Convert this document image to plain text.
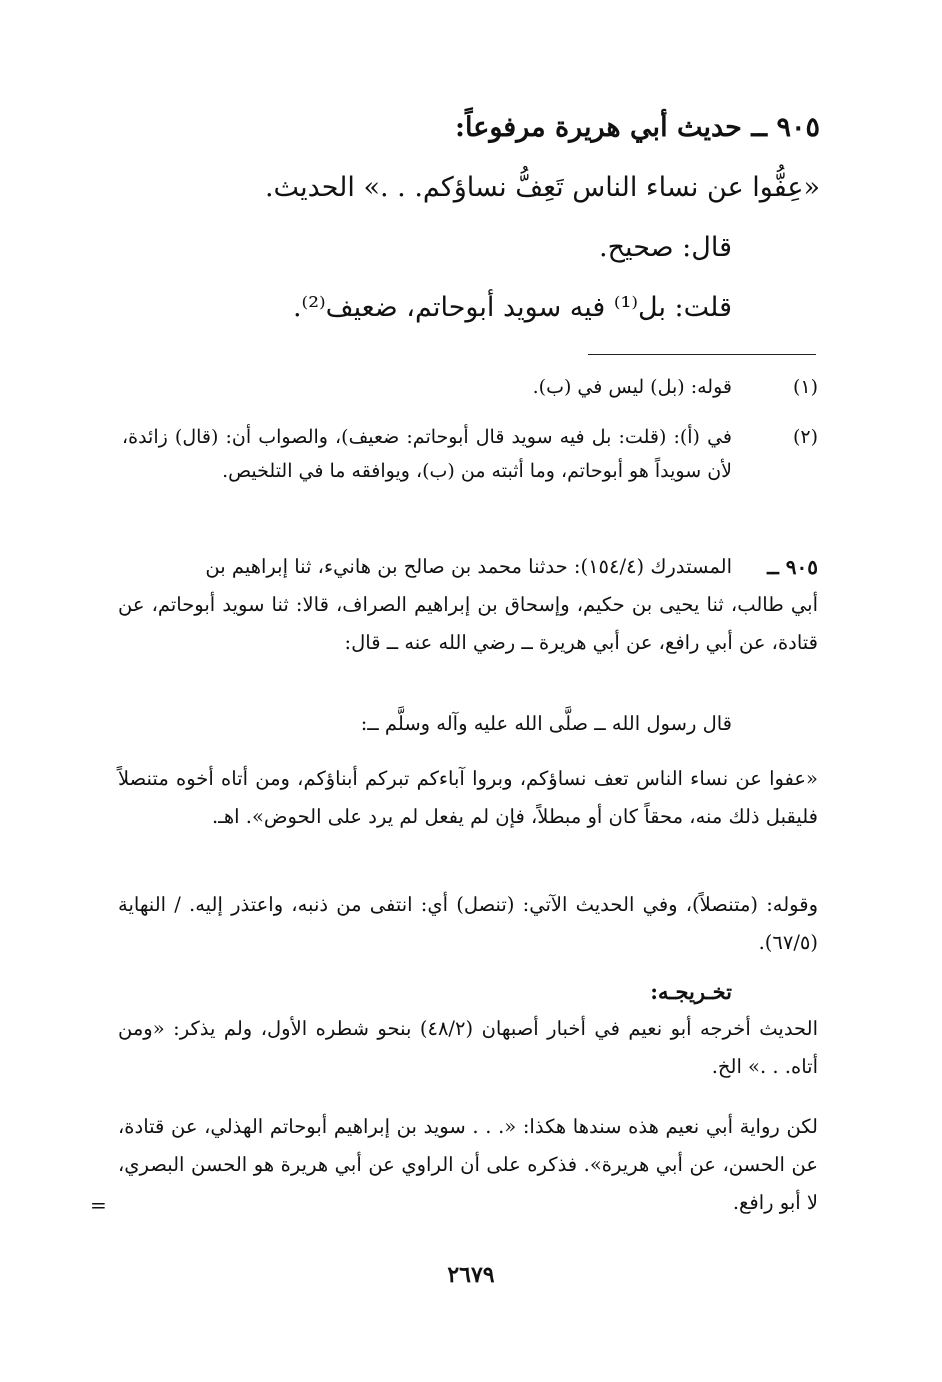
٩٠٥ ــ حديث أبي هريرة مرفوعاً:
«عِفُّوا عن نساء الناس تَعِفُّ نساؤكم. . .» الحديث.
قال: صحيح.
قلت: بل⁽¹⁾ فيه سويد أبوحاتم، ضعيف⁽²⁾.
(١)
قوله: (بل) ليس في (ب).
(٢)
في (أ): (قلت: بل فيه سويد قال أبوحاتم: ضعيف)، والصواب أن: (قال) زائدة، لأن سويداً هو أبوحاتم، وما أثبته من (ب)، ويوافقه ما في التلخيص.
٩٠٥ ــ
المستدرك (١٥٤/٤): حدثنا محمد بن صالح بن هانيء، ثنا إبراهيم بن
أبي طالب، ثنا يحيى بن حكيم، وإسحاق بن إبراهيم الصراف، قالا: ثنا سويد أبوحاتم، عن قتادة، عن أبي رافع، عن أبي هريرة ــ رضي الله عنه ــ قال:
قال رسول الله ــ صلَّى الله عليه وآله وسلَّم ــ:
«عفوا عن نساء الناس تعف نساؤكم، وبروا آباءكم تبركم أبناؤكم، ومن أتاه أخوه متنصلاً فليقبل ذلك منه، محقاً كان أو مبطلاً، فإن لم يفعل لم يرد على الحوض». اهـ.
وقوله: (متنصلاً)، وفي الحديث الآتي: (تنصل) أي: انتفى من ذنبه، واعتذر إليه. / النهاية (٦٧/٥).
تخـريجـه:
الحديث أخرجه أبو نعيم في أخبار أصبهان (٤٨/٢) بنحو شطره الأول، ولم يذكر: «ومن أتاه. . .» الخ.
لكن رواية أبي نعيم هذه سندها هكذا: «. . . سويد بن إبراهيم أبوحاتم الهذلي، عن قتادة، عن الحسن، عن أبي هريرة». فذكره على أن الراوي عن أبي هريرة هو الحسن البصري، لا أبو رافع.
=
٢٦٧٩
